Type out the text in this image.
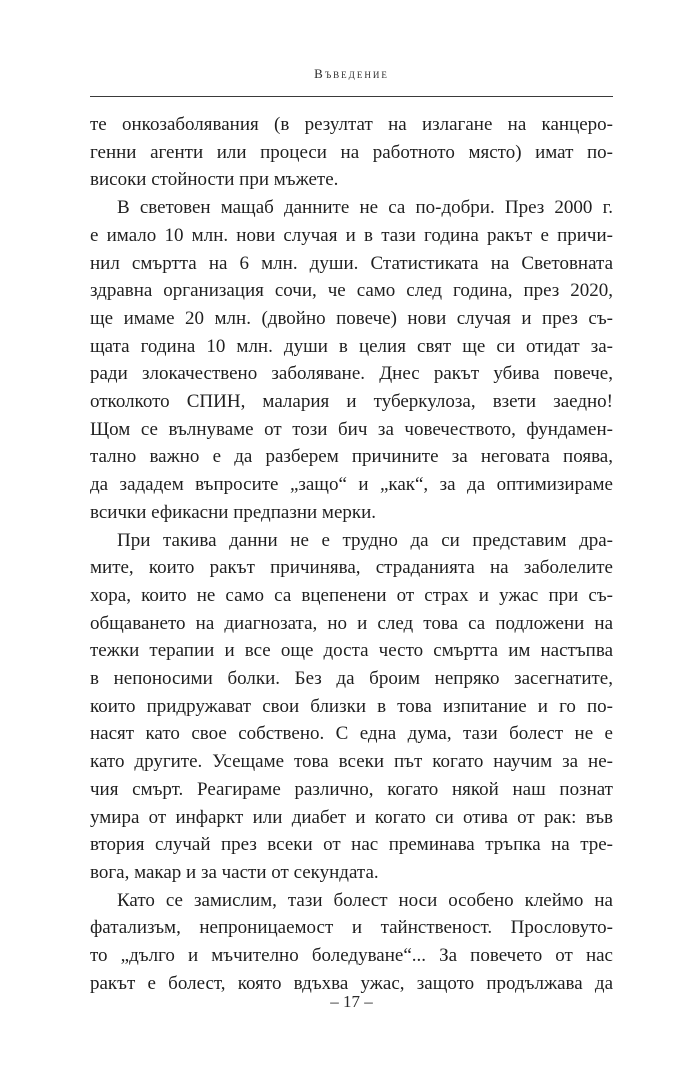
Въведение

те онкозаболявания (в резултат на излагане на канцеро-
генни агенти или процеси на работното място) имат по-
високи стойности при мъжете.

В световен мащаб данните не са по-добри. През 2000 г.
е имало 10 млн. нови случая и в тази година ракът е причи-
нил смъртта на 6 млн. души. Статистиката на Световната
здравна организация сочи, че само след година, през 2020,
ще имаме 20 млн. (двойно повече) нови случая и през съ-
щата година 10 млн. души в целия свят ще си отидат за-
ради злокачествено заболяване. Днес ракът убива повече,
отколкото СПИН, малария и туберкулоза, взети заедно!
Щом се вълнуваме от този бич за човечеството, фундамен-
тално важно е да разберем причините за неговата поява,
да зададем въпросите „защо“ и „как“, за да оптимизираме
всички ефикасни предпазни мерки.

При такива данни не е трудно да си представим дра-
мите, които ракът причинява, страданията на заболелите
хора, които не само са вцепенени от страх и ужас при съ-
общаването на диагнозата, но и след това са подложени на
тежки терапии и все още доста често смъртта им настъпва
в непоносими болки. Без да броим непряко засегнатите,
които придружават свои близки в това изпитание и го по-
насят като свое собствено. С една дума, тази болест не е
като другите. Усещаме това всеки път когато научим за не-
чия смърт. Реагираме различно, когато някой наш познат
умира от инфаркт или диабет и когато си отива от рак: във
втория случай през всеки от нас преминава тръпка на тре-
вога, макар и за части от секундата.

Като се замислим, тази болест носи особено клеймо на
фатализъм, непроницаемост и тайнственост. Прословуто-
то „дълго и мъчително боледуване“... За повечето от нас
ракът е болест, която вдъхва ужас, защото продължава да

– 17 –
